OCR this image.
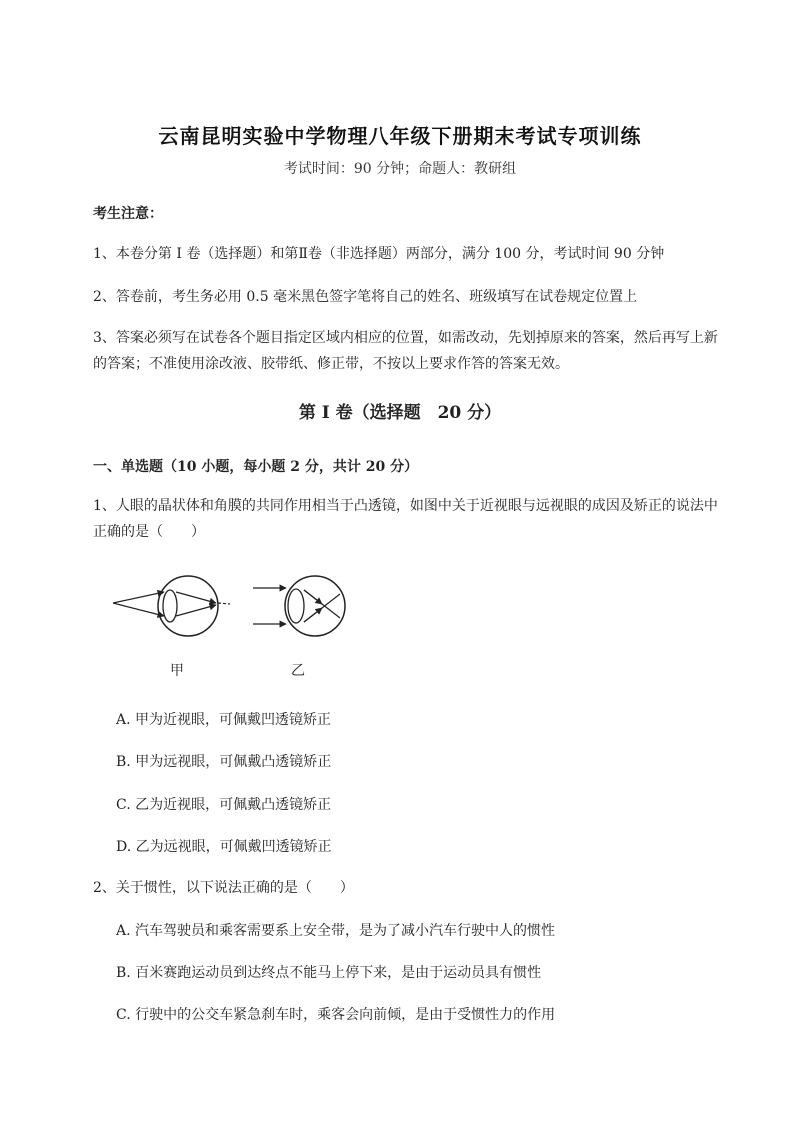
云南昆明实验中学物理八年级下册期末考试专项训练
考试时间：90 分钟；命题人：教研组
考生注意：
1、本卷分第 I 卷（选择题）和第Ⅱ卷（非选择题）两部分，满分 100 分，考试时间 90 分钟
2、答卷前，考生务必用 0.5 毫米黑色签字笔将自己的姓名、班级填写在试卷规定位置上
3、答案必须写在试卷各个题目指定区域内相应的位置，如需改动，先划掉原来的答案，然后再写上新的答案；不准使用涂改液、胶带纸、修正带，不按以上要求作答的答案无效。
第 I 卷（选择题　20 分）
一、单选题（10 小题，每小题 2 分，共计 20 分）
1、人眼的晶状体和角膜的共同作用相当于凸透镜，如图中关于近视眼与远视眼的成因及矫正的说法中正确的是（　　）
甲	乙
A. 甲为近视眼，可佩戴凹透镜矫正
B. 甲为远视眼，可佩戴凸透镜矫正
C. 乙为近视眼，可佩戴凸透镜矫正
D. 乙为远视眼，可佩戴凹透镜矫正
2、关于惯性，以下说法正确的是（　　）
A. 汽车驾驶员和乘客需要系上安全带，是为了减小汽车行驶中人的惯性
B. 百米赛跑运动员到达终点不能马上停下来，是由于运动员具有惯性
C. 行驶中的公交车紧急刹车时，乘客会向前倾，是由于受惯性力的作用
